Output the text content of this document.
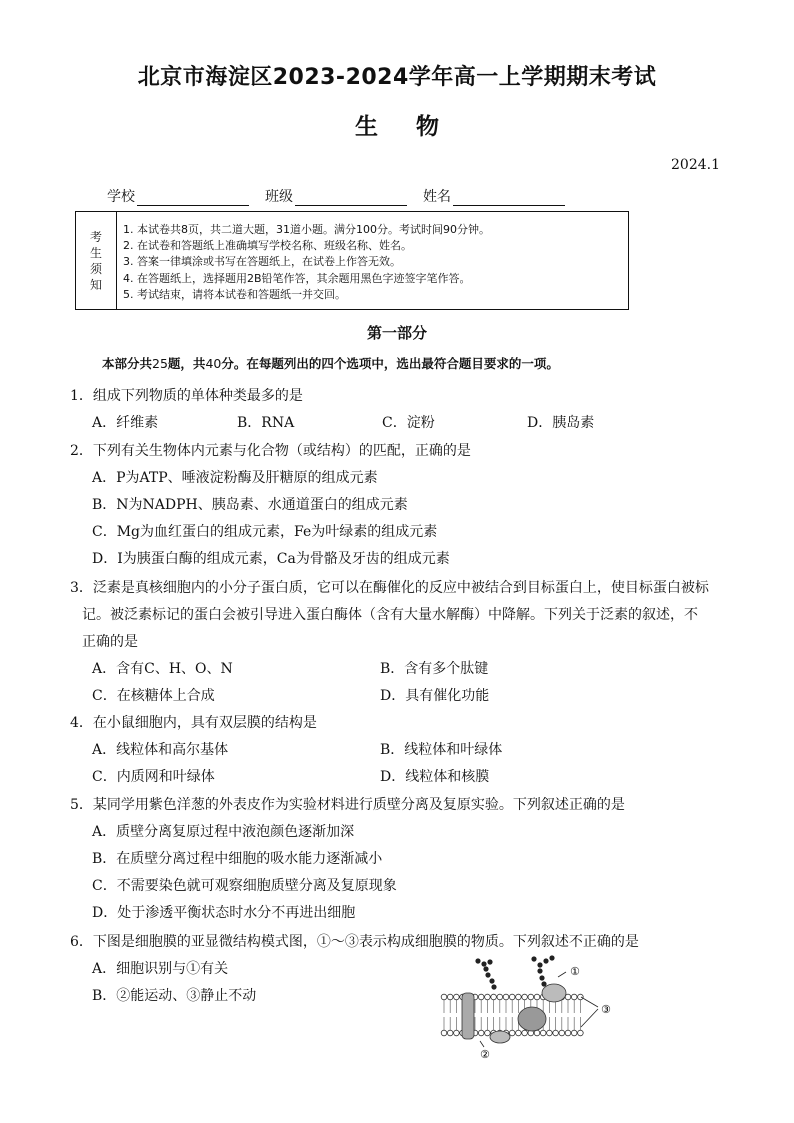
北京市海淀区2023-2024学年高一上学期期末考试
生物
2024.1
学校	班级	姓名
考
生
须
知
1. 本试卷共8页，共二道大题，31道小题。满分100分。考试时间90分钟。
2. 在试卷和答题纸上准确填写学校名称、班级名称、姓名。
3. 答案一律填涂或书写在答题纸上，在试卷上作答无效。
4. 在答题纸上，选择题用2B铅笔作答，其余题用黑色字迹签字笔作答。
5. 考试结束，请将本试卷和答题纸一并交回。
第一部分
本部分共25题，共40分。在每题列出的四个选项中，选出最符合题目要求的一项。
1．组成下列物质的单体种类最多的是
A．纤维素	B．RNA	C．淀粉	D．胰岛素
2．下列有关生物体内元素与化合物（或结构）的匹配，正确的是
A．P为ATP、唾液淀粉酶及肝糖原的组成元素
B．N为NADPH、胰岛素、水通道蛋白的组成元素
C．Mg为血红蛋白的组成元素，Fe为叶绿素的组成元素
D．I为胰蛋白酶的组成元素，Ca为骨骼及牙齿的组成元素
3．泛素是真核细胞内的小分子蛋白质，它可以在酶催化的反应中被结合到目标蛋白上，使目标蛋白被标
记。被泛素标记的蛋白会被引导进入蛋白酶体（含有大量水解酶）中降解。下列关于泛素的叙述，不
正确的是
A．含有C、H、O、N	B．含有多个肽键
C．在核糖体上合成	D．具有催化功能
4．在小鼠细胞内，具有双层膜的结构是
A．线粒体和高尔基体	B．线粒体和叶绿体
C．内质网和叶绿体	D．线粒体和核膜
5．某同学用紫色洋葱的外表皮作为实验材料进行质壁分离及复原实验。下列叙述正确的是
A．质壁分离复原过程中液泡颜色逐渐加深
B．在质壁分离过程中细胞的吸水能力逐渐减小
C．不需要染色就可观察细胞质壁分离及复原现象
D．处于渗透平衡状态时水分不再进出细胞
6．下图是细胞膜的亚显微结构模式图，①～③表示构成细胞膜的物质。下列叙述不正确的是
A．细胞识别与①有关
B．②能运动、③静止不动
①
②
③
